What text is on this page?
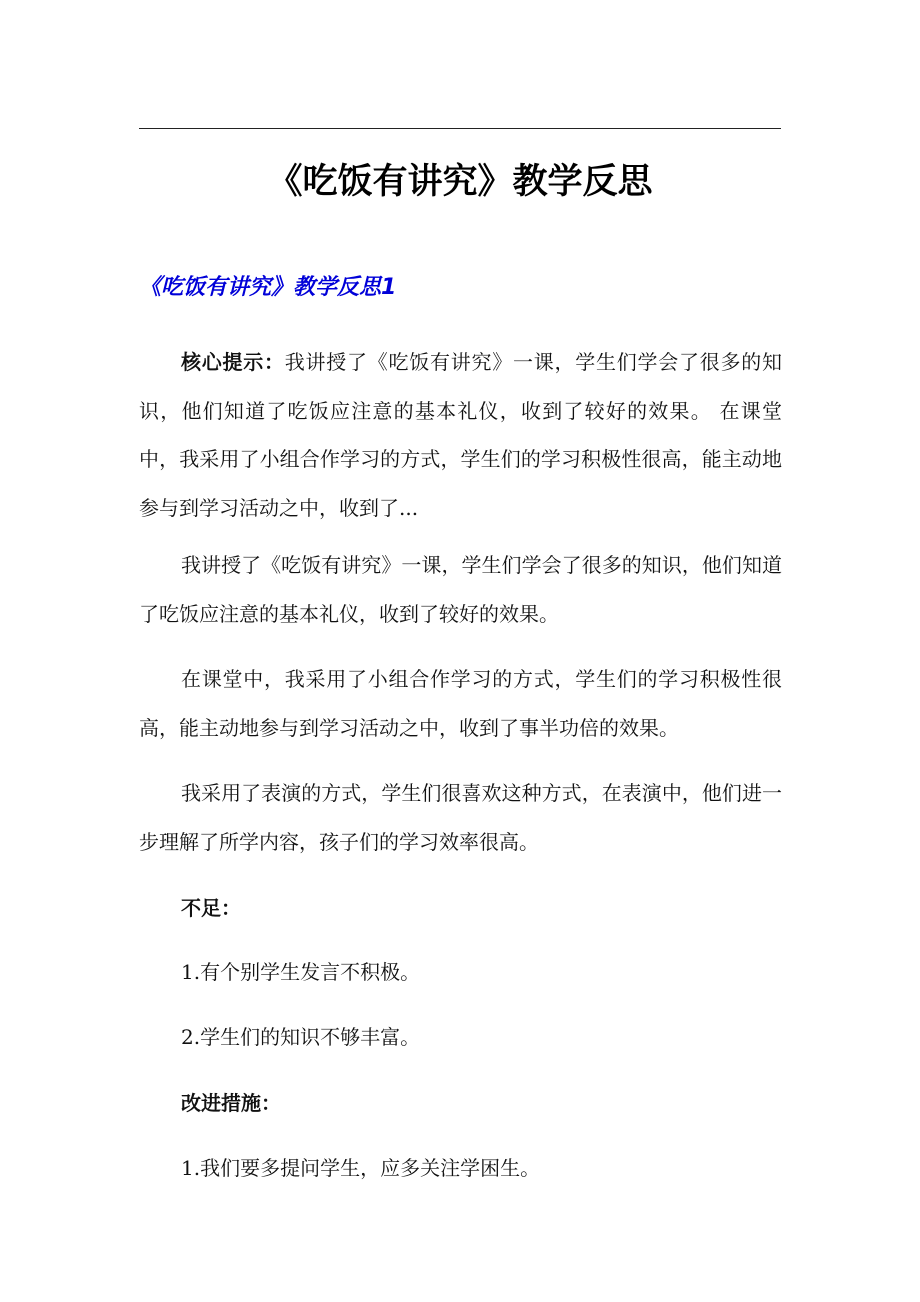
《吃饭有讲究》教学反思
《吃饭有讲究》教学反思1
核心提示：我讲授了《吃饭有讲究》一课，学生们学会了很多的知识，他们知道了吃饭应注意的基本礼仪，收到了较好的效果。 在课堂中，我采用了小组合作学习的方式，学生们的学习积极性很高，能主动地参与到学习活动之中，收到了...
我讲授了《吃饭有讲究》一课，学生们学会了很多的知识，他们知道了吃饭应注意的基本礼仪，收到了较好的效果。
在课堂中，我采用了小组合作学习的方式，学生们的学习积极性很高，能主动地参与到学习活动之中，收到了事半功倍的效果。
我采用了表演的方式，学生们很喜欢这种方式，在表演中，他们进一步理解了所学内容，孩子们的学习效率很高。
不足：
1.有个别学生发言不积极。
2.学生们的知识不够丰富。
改进措施：
1.我们要多提问学生，应多关注学困生。
